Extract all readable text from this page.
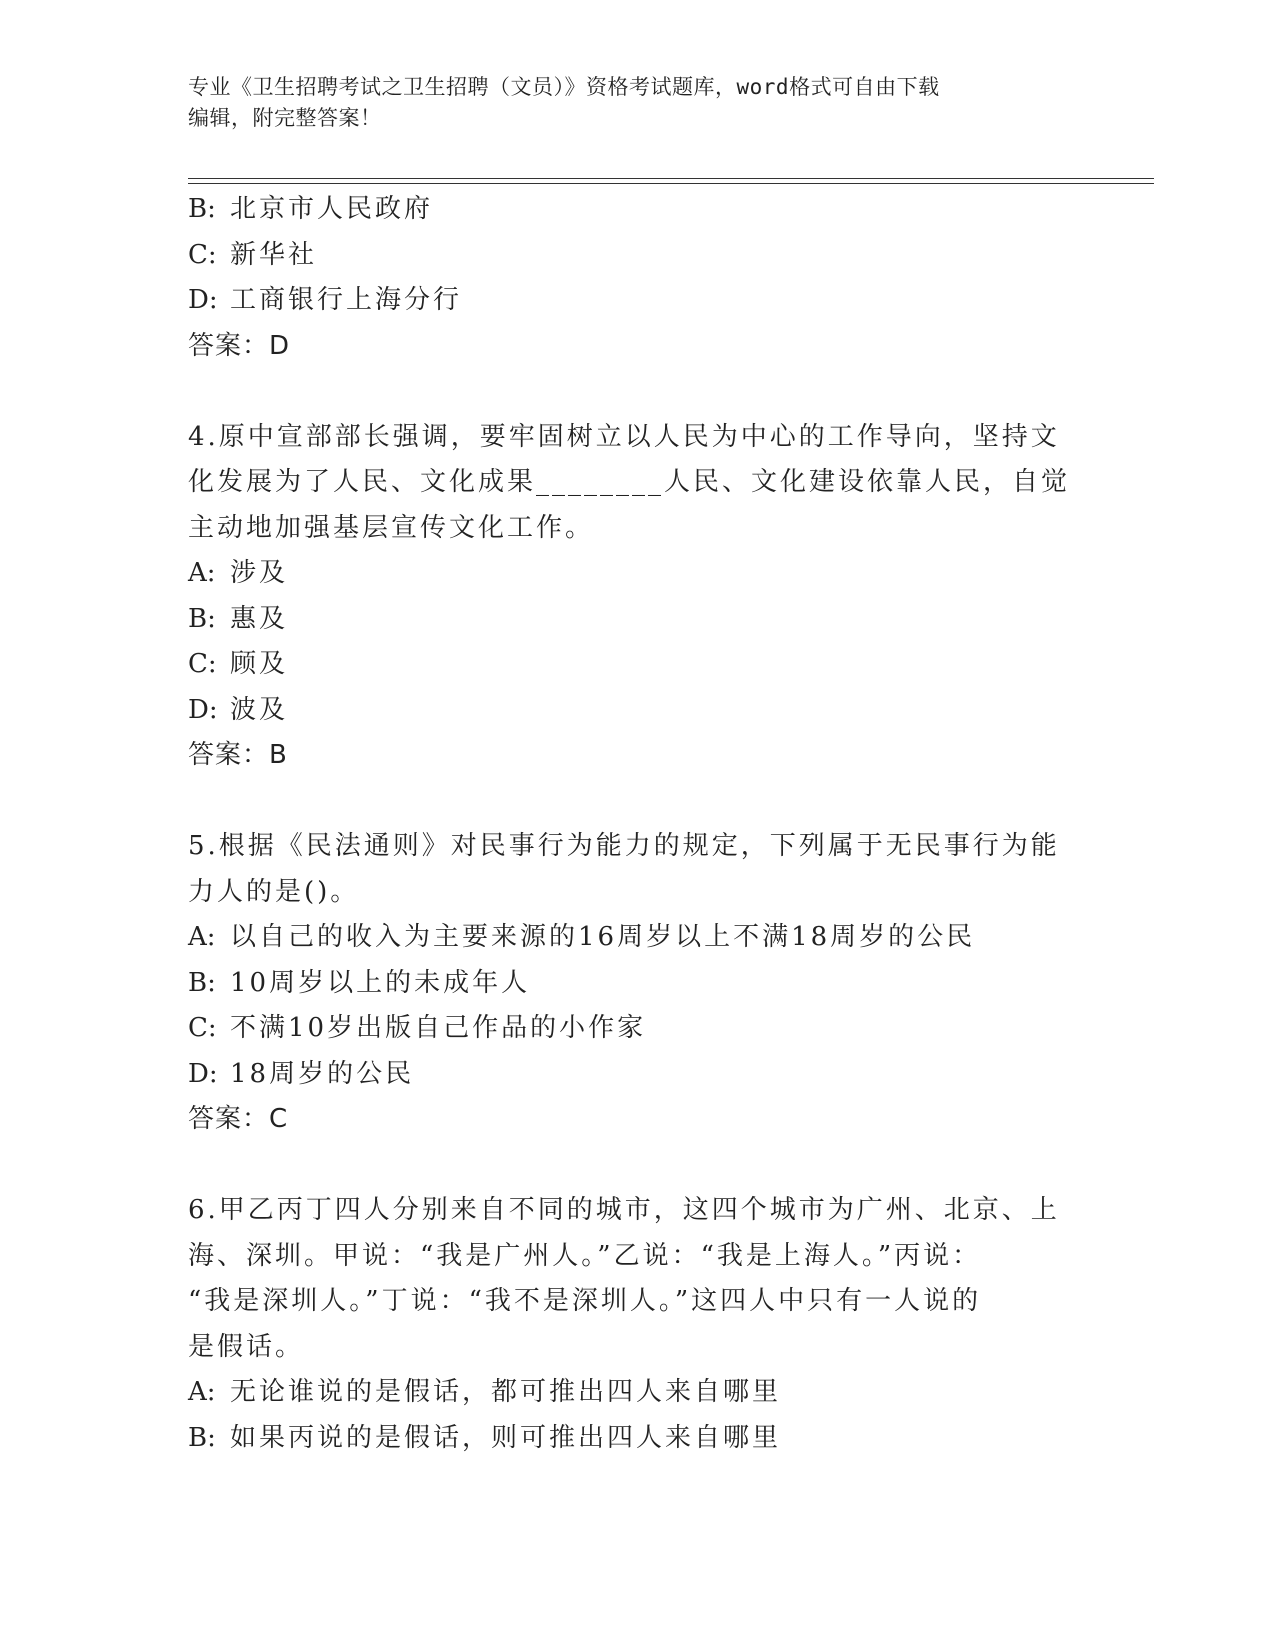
专业《卫生招聘考试之卫生招聘（文员）》资格考试题库，word格式可自由下载
编辑，附完整答案！
B: 北京市人民政府
C: 新华社
D: 工商银行上海分行
答案：D
4.原中宣部部长强调，要牢固树立以人民为中心的工作导向，坚持文
化发展为了人民、文化成果________人民、文化建设依靠人民，自觉
主动地加强基层宣传文化工作。
A: 涉及
B: 惠及
C: 顾及
D: 波及
答案：B
5.根据《民法通则》对民事行为能力的规定，下列属于无民事行为能
力人的是()。
A: 以自己的收入为主要来源的16周岁以上不满18周岁的公民
B: 10周岁以上的未成年人
C: 不满10岁出版自己作品的小作家
D: 18周岁的公民
答案：C
6.甲乙丙丁四人分别来自不同的城市，这四个城市为广州、北京、上
海、深圳。甲说：“我是广州人。”乙说：“我是上海人。”丙说：
“我是深圳人。”丁说：“我不是深圳人。”这四人中只有一人说的
是假话。
A: 无论谁说的是假话，都可推出四人来自哪里
B: 如果丙说的是假话，则可推出四人来自哪里
